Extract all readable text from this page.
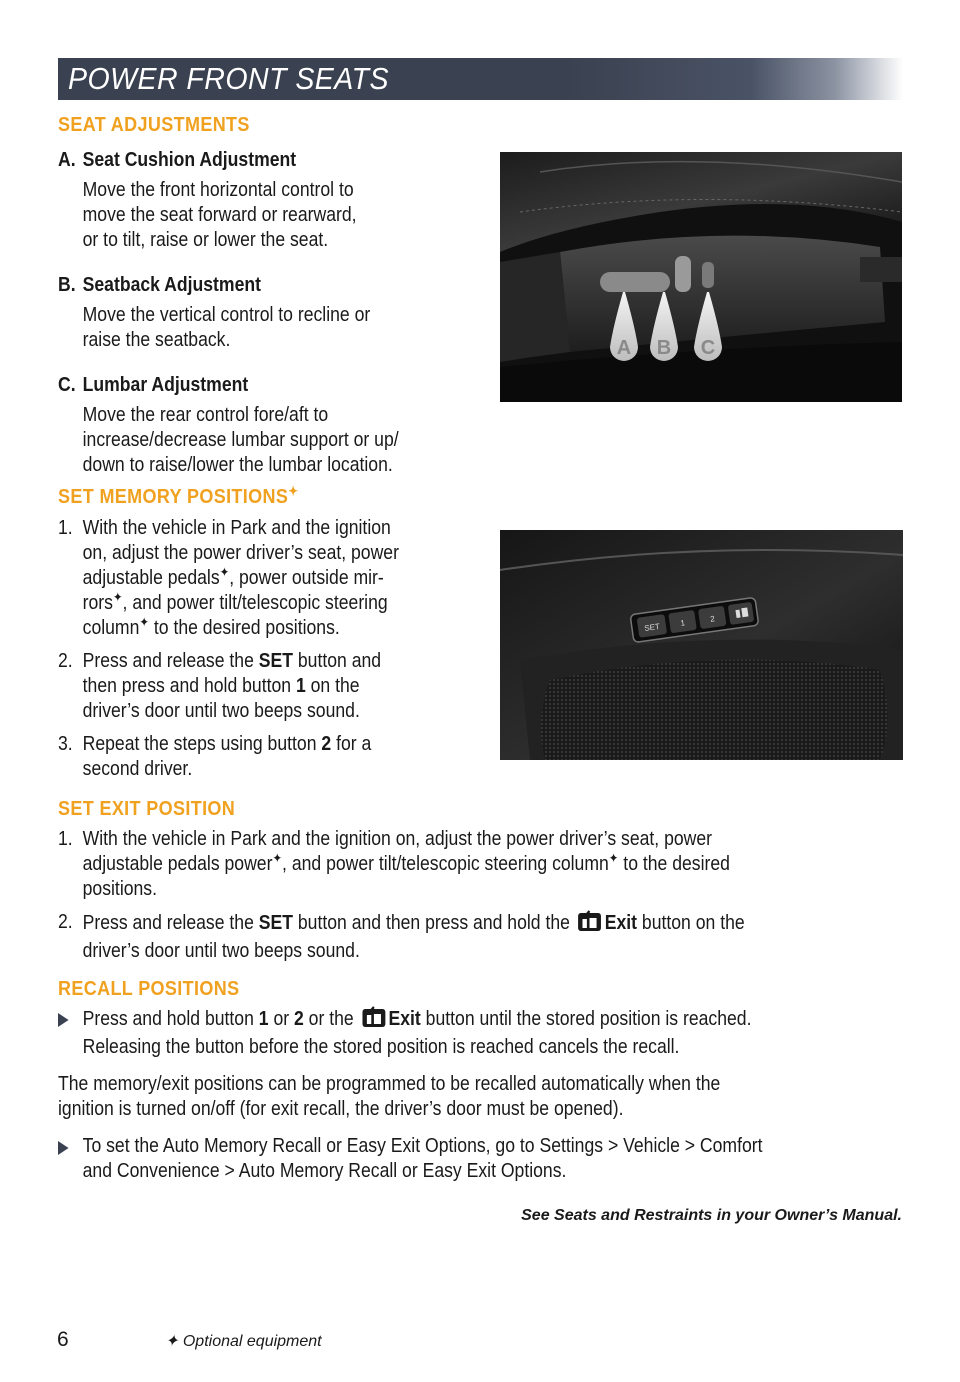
POWER FRONT SEATS
SEAT ADJUSTMENTS

A. Seat Cushion Adjustment

Move the front horizontal control to
move the seat forward or rearward,
or to tilt, raise or lower the seat.

B. Seatback Adjustment

Move the vertical control to recline or
raise the seatback.

C. Lumbar Adjustment

Move the rear control fore/aft to
increase/decrease lumbar support or up/
down to raise/lower the lumbar location.

A B C
SET MEMORY POSITIONS✦

1. With the vehicle in Park and the ignition
on, adjust the power driver’s seat, power
adjustable pedals✦, power outside mir-
rors✦, and power tilt/telescopic steering
column✦ to the desired positions.

2. Press and release the SET button and
then press and hold button 1 on the
driver’s door until two beeps sound.

3. Repeat the steps using button 2 for a
second driver.

SET 1	2
SET EXIT POSITION

1. With the vehicle in Park and the ignition on, adjust the power driver’s seat, power
adjustable pedals power✦, and power tilt/telescopic steering column✦ to the desired
positions.

2. Press and release the SET button and then press and hold the Exit button on the
driver’s door until two beeps sound.

RECALL POSITIONS

Press and hold button 1 or 2 or the Exit button until the stored position is reached.
Releasing the button before the stored position is reached cancels the recall.

The memory/exit positions can be programmed to be recalled automatically when the
ignition is turned on/off (for exit recall, the driver’s door must be opened).

To set the Auto Memory Recall or Easy Exit Options, go to Settings > Vehicle > Comfort
and Convenience > Auto Memory Recall or Easy Exit Options.

See Seats and Restraints in your Owner’s Manual.
6	✦ Optional equipment
